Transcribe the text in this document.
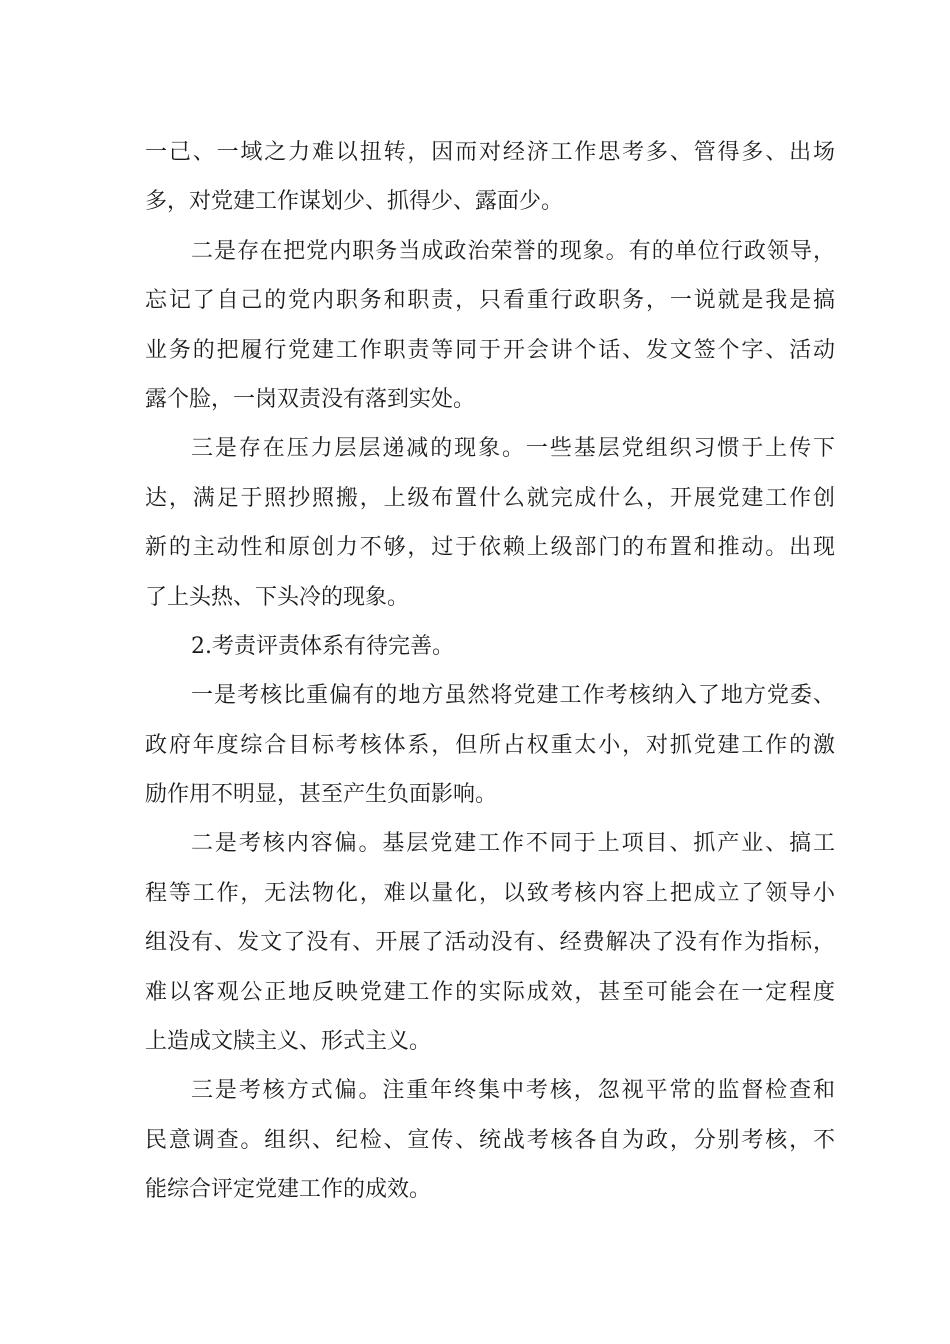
一己、一域之力难以扭转，因而对经济工作思考多、管得多、出场
多，对党建工作谋划少、抓得少、露面少。
二是存在把党内职务当成政治荣誉的现象。有的单位行政领导，
忘记了自己的党内职务和职责，只看重行政职务，一说就是我是搞
业务的把履行党建工作职责等同于开会讲个话、发文签个字、活动
露个脸，一岗双责没有落到实处。
三是存在压力层层递减的现象。一些基层党组织习惯于上传下
达，满足于照抄照搬，上级布置什么就完成什么，开展党建工作创
新的主动性和原创力不够，过于依赖上级部门的布置和推动。出现
了上头热、下头冷的现象。
2.考责评责体系有待完善。
一是考核比重偏有的地方虽然将党建工作考核纳入了地方党委、
政府年度综合目标考核体系，但所占权重太小，对抓党建工作的激
励作用不明显，甚至产生负面影响。
二是考核内容偏。基层党建工作不同于上项目、抓产业、搞工
程等工作，无法物化，难以量化，以致考核内容上把成立了领导小
组没有、发文了没有、开展了活动没有、经费解决了没有作为指标，
难以客观公正地反映党建工作的实际成效，甚至可能会在一定程度
上造成文牍主义、形式主义。
三是考核方式偏。注重年终集中考核，忽视平常的监督检查和
民意调查。组织、纪检、宣传、统战考核各自为政，分别考核，不
能综合评定党建工作的成效。
